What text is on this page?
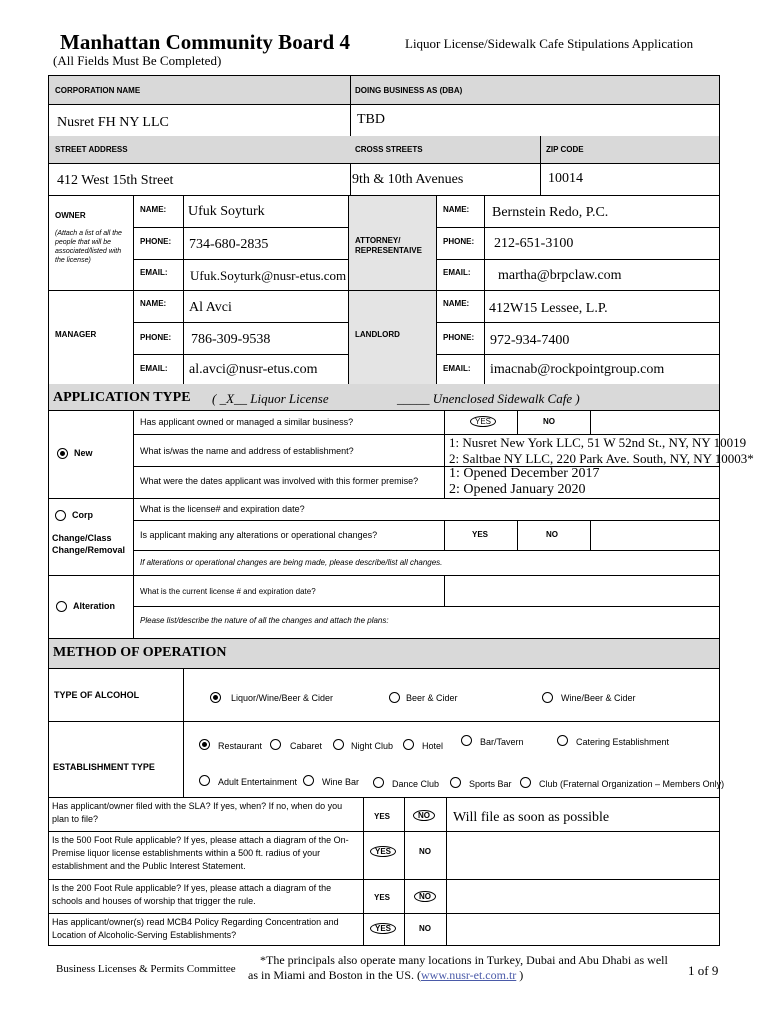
Manhattan Community Board 4	Liquor License/Sidewalk Cafe Stipulations Application
(All Fields Must Be Completed)
CORPORATION NAME	DOING BUSINESS AS (DBA)
Nusret FH NY LLC	TBD
STREET ADDRESS	CROSS STREETS	ZIP CODE
412 West 15th Street	9th & 10th Avenues	10014
OWNER
(Attach a list of all the people that will be associated/listed with the license)
NAME: Ufuk Soyturk
PHONE: 734-680-2835
EMAIL: Ufuk.Soyturk@nusr-etus.com
ATTORNEY/ REPRESENTAIVE
NAME: Bernstein Redo, P.C.
PHONE: 212-651-3100
EMAIL: martha@brpclaw.com
MANAGER
NAME: Al Avci
PHONE: 786-309-9538
EMAIL: al.avci@nusr-etus.com
LANDLORD
NAME: 412W15 Lessee, L.P.
PHONE: 972-934-7400
EMAIL: imacnab@rockpointgroup.com
APPLICATION TYPE ( _X__ Liquor License	_____ Unenclosed Sidewalk Cafe )
Has applicant owned or managed a similar business?	YES	NO
New	What is/was the name and address of establishment?
1: Nusret New York LLC, 51 W 52nd St., NY, NY 10019
2: Saltbae NY LLC, 220 Park Ave. South, NY, NY 10003*
What were the dates applicant was involved with this former premise? 1: Opened December 2017
2: Opened January 2020
Corp
Change/Class Change/Removal
What is the license# and expiration date?
Is applicant making any alterations or operational changes?	YES	NO
If alterations or operational changes are being made, please describe/list all changes.
Alteration
What is the current license # and expiration date?
Please list/describe the nature of all the changes and attach the plans:
METHOD OF OPERATION
TYPE OF ALCOHOL	Liquor/Wine/Beer & Cider	Beer & Cider	Wine/Beer & Cider
ESTABLISHMENT TYPE
Restaurant	Cabaret	Night Club	Hotel	Bar/Tavern	Catering Establishment
Adult Entertainment	Wine Bar	Dance Club	Sports Bar	Club (Fraternal Organization – Members Only)
Has applicant/owner filed with the SLA? If yes, when? If no, when do you plan to file?	YES	NO	Will file as soon as possible
Is the 500 Foot Rule applicable? If yes, please attach a diagram of the On-Premise liquor license establishments within a 500 ft. radius of your establishment and the Public Interest Statement.
YES	NO
Is the 200 Foot Rule applicable? If yes, please attach a diagram of the schools and houses of worship that trigger the rule.	YES	NO
Has applicant/owner(s) read MCB4 Policy Regarding Concentration and Location of Alcoholic-Serving Establishments?
YES	NO
Business Licenses & Permits Committee
*The principals also operate many locations in Turkey, Dubai and Abu Dhabi as well
as in Miami and Boston in the US. (www.nusr-et.com.tr )	1 of 9
